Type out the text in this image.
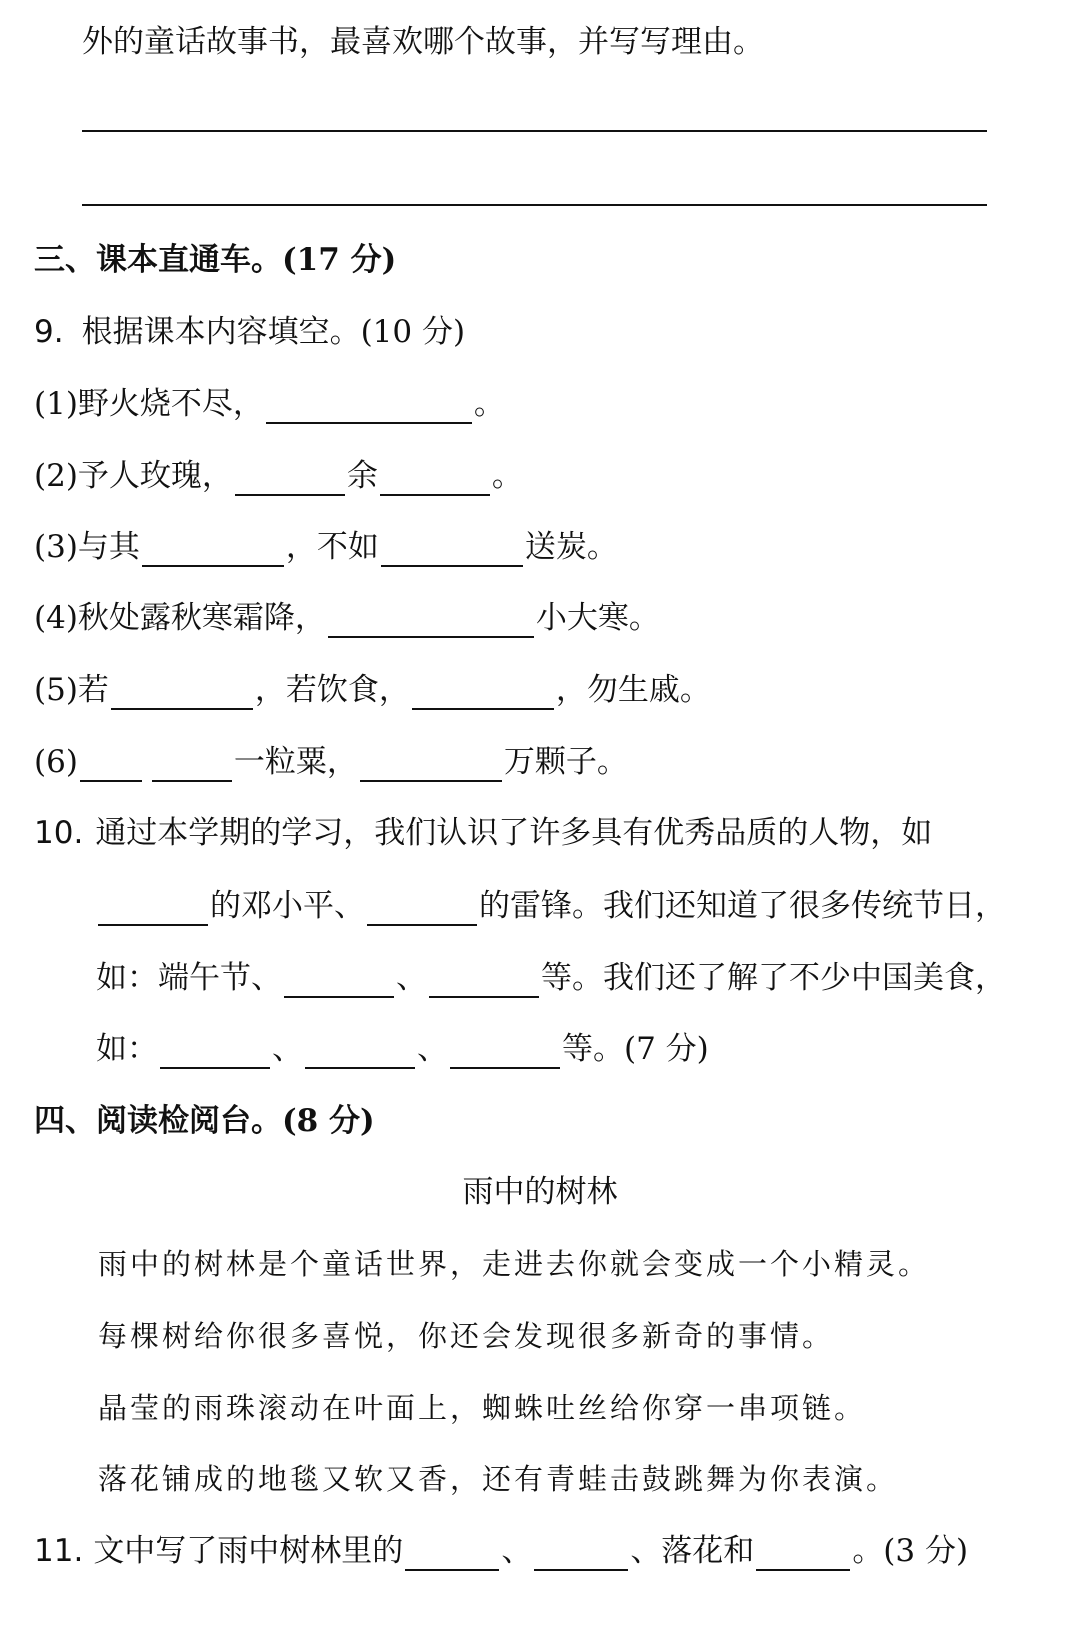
外的童话故事书，最喜欢哪个故事，并写写理由。
三、课本直通车。(17 分)
9. 根据课本内容填空。(10 分)
(1)野火烧不尽，	。
(2)予人玫瑰，	余	。
(3)与其	，不如	送炭。
(4)秋处露秋寒霜降，	小大寒。
(5)若	，若饮食，	，勿生戚。
(6)	一粒粟，	万颗子。
10. 通过本学期的学习，我们认识了许多具有优秀品质的人物，如
的邓小平、	的雷锋。我们还知道了很多传统节日，
如：端午节、	、	等。我们还了解了不少中国美食，
如：	、	、	等。(7 分)
四、阅读检阅台。(8 分)
雨中的树林
雨中的树林是个童话世界，走进去你就会变成一个小精灵。
每棵树给你很多喜悦，你还会发现很多新奇的事情。
晶莹的雨珠滚动在叶面上，蜘蛛吐丝给你穿一串项链。
落花铺成的地毯又软又香，还有青蛙击鼓跳舞为你表演。
11. 文中写了雨中树林里的	、	、落花和	。(3 分)
